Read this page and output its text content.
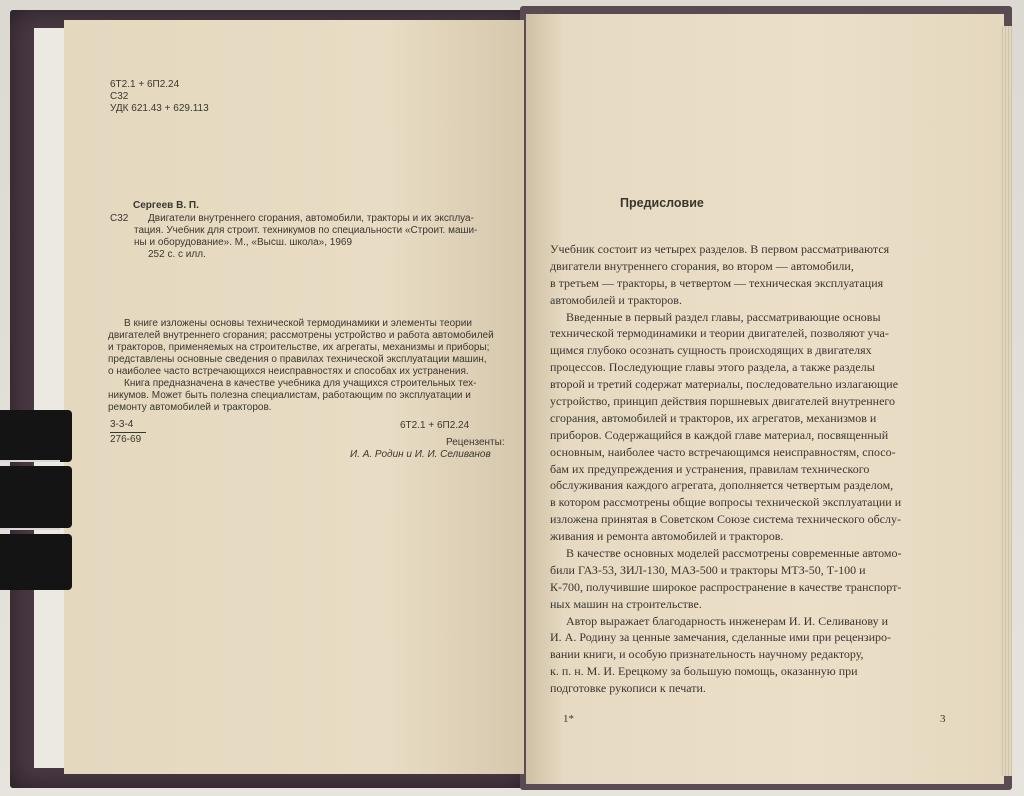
6Т2.1 + 6П2.24
С32
УДК 621.43 + 629.113
Сергеев В. П.
С32 Двигатели внутреннего сгорания, автомобили, тракторы и их эксплуа-
тация. Учебник для строит. техникумов по специальности «Строит. маши-
ны и оборудование». М., «Высш. школа», 1969
252 с. с илл.
В книге изложены основы технической термодинамики и элементы теории
двигателей внутреннего сгорания; рассмотрены устройство и работа автомобилей
и тракторов, применяемых на строительстве, их агрегаты, механизмы и приборы;
представлены основные сведения о правилах технической эксплуатации машин,
о наиболее часто встречающихся неисправностях и способах их устранения.
Книга предназначена в качестве учебника для учащихся строительных тех-
никумов. Может быть полезна специалистам, работающим по эксплуатации и
ремонту автомобилей и тракторов.
6Т2.1 + 6П2.24
3-3-4
276-69	Рецензенты:
И. А. Родин и И. И. Селиванов
Предисловие
Учебник состоит из четырех разделов. В первом рассматриваются
двигатели внутреннего сгорания, во втором — автомобили,
в третьем — тракторы, в четвертом — техническая эксплуатация
автомобилей и тракторов.
Введенные в первый раздел главы, рассматривающие основы
технической термодинамики и теории двигателей, позволяют уча-
щимся глубоко осознать сущность происходящих в двигателях
процессов. Последующие главы этого раздела, а также разделы
второй и третий содержат материалы, последовательно излагающие
устройство, принцип действия поршневых двигателей внутреннего
сгорания, автомобилей и тракторов, их агрегатов, механизмов и
приборов. Содержащийся в каждой главе материал, посвященный
основным, наиболее часто встречающимся неисправностям, спосо-
бам их предупреждения и устранения, правилам технического
обслуживания каждого агрегата, дополняется четвертым разделом,
в котором рассмотрены общие вопросы технической эксплуатации и
изложена принятая в Советском Союзе система технического обслу-
живания и ремонта автомобилей и тракторов.
В качестве основных моделей рассмотрены современные автомо-
били ГАЗ-53, ЗИЛ-130, МАЗ-500 и тракторы МТЗ-50, Т-100 и
К-700, получившие широкое распространение в качестве транспорт-
ных машин на строительстве.
Автор выражает благодарность инженерам И. И. Селиванову и
И. А. Родину за ценные замечания, сделанные ими при рецензиро-
вании книги, и особую признательность научному редактору,
к. п. н. М. И. Ерецкому за большую помощь, оказанную при
подготовке рукописи к печати.
1*	3
